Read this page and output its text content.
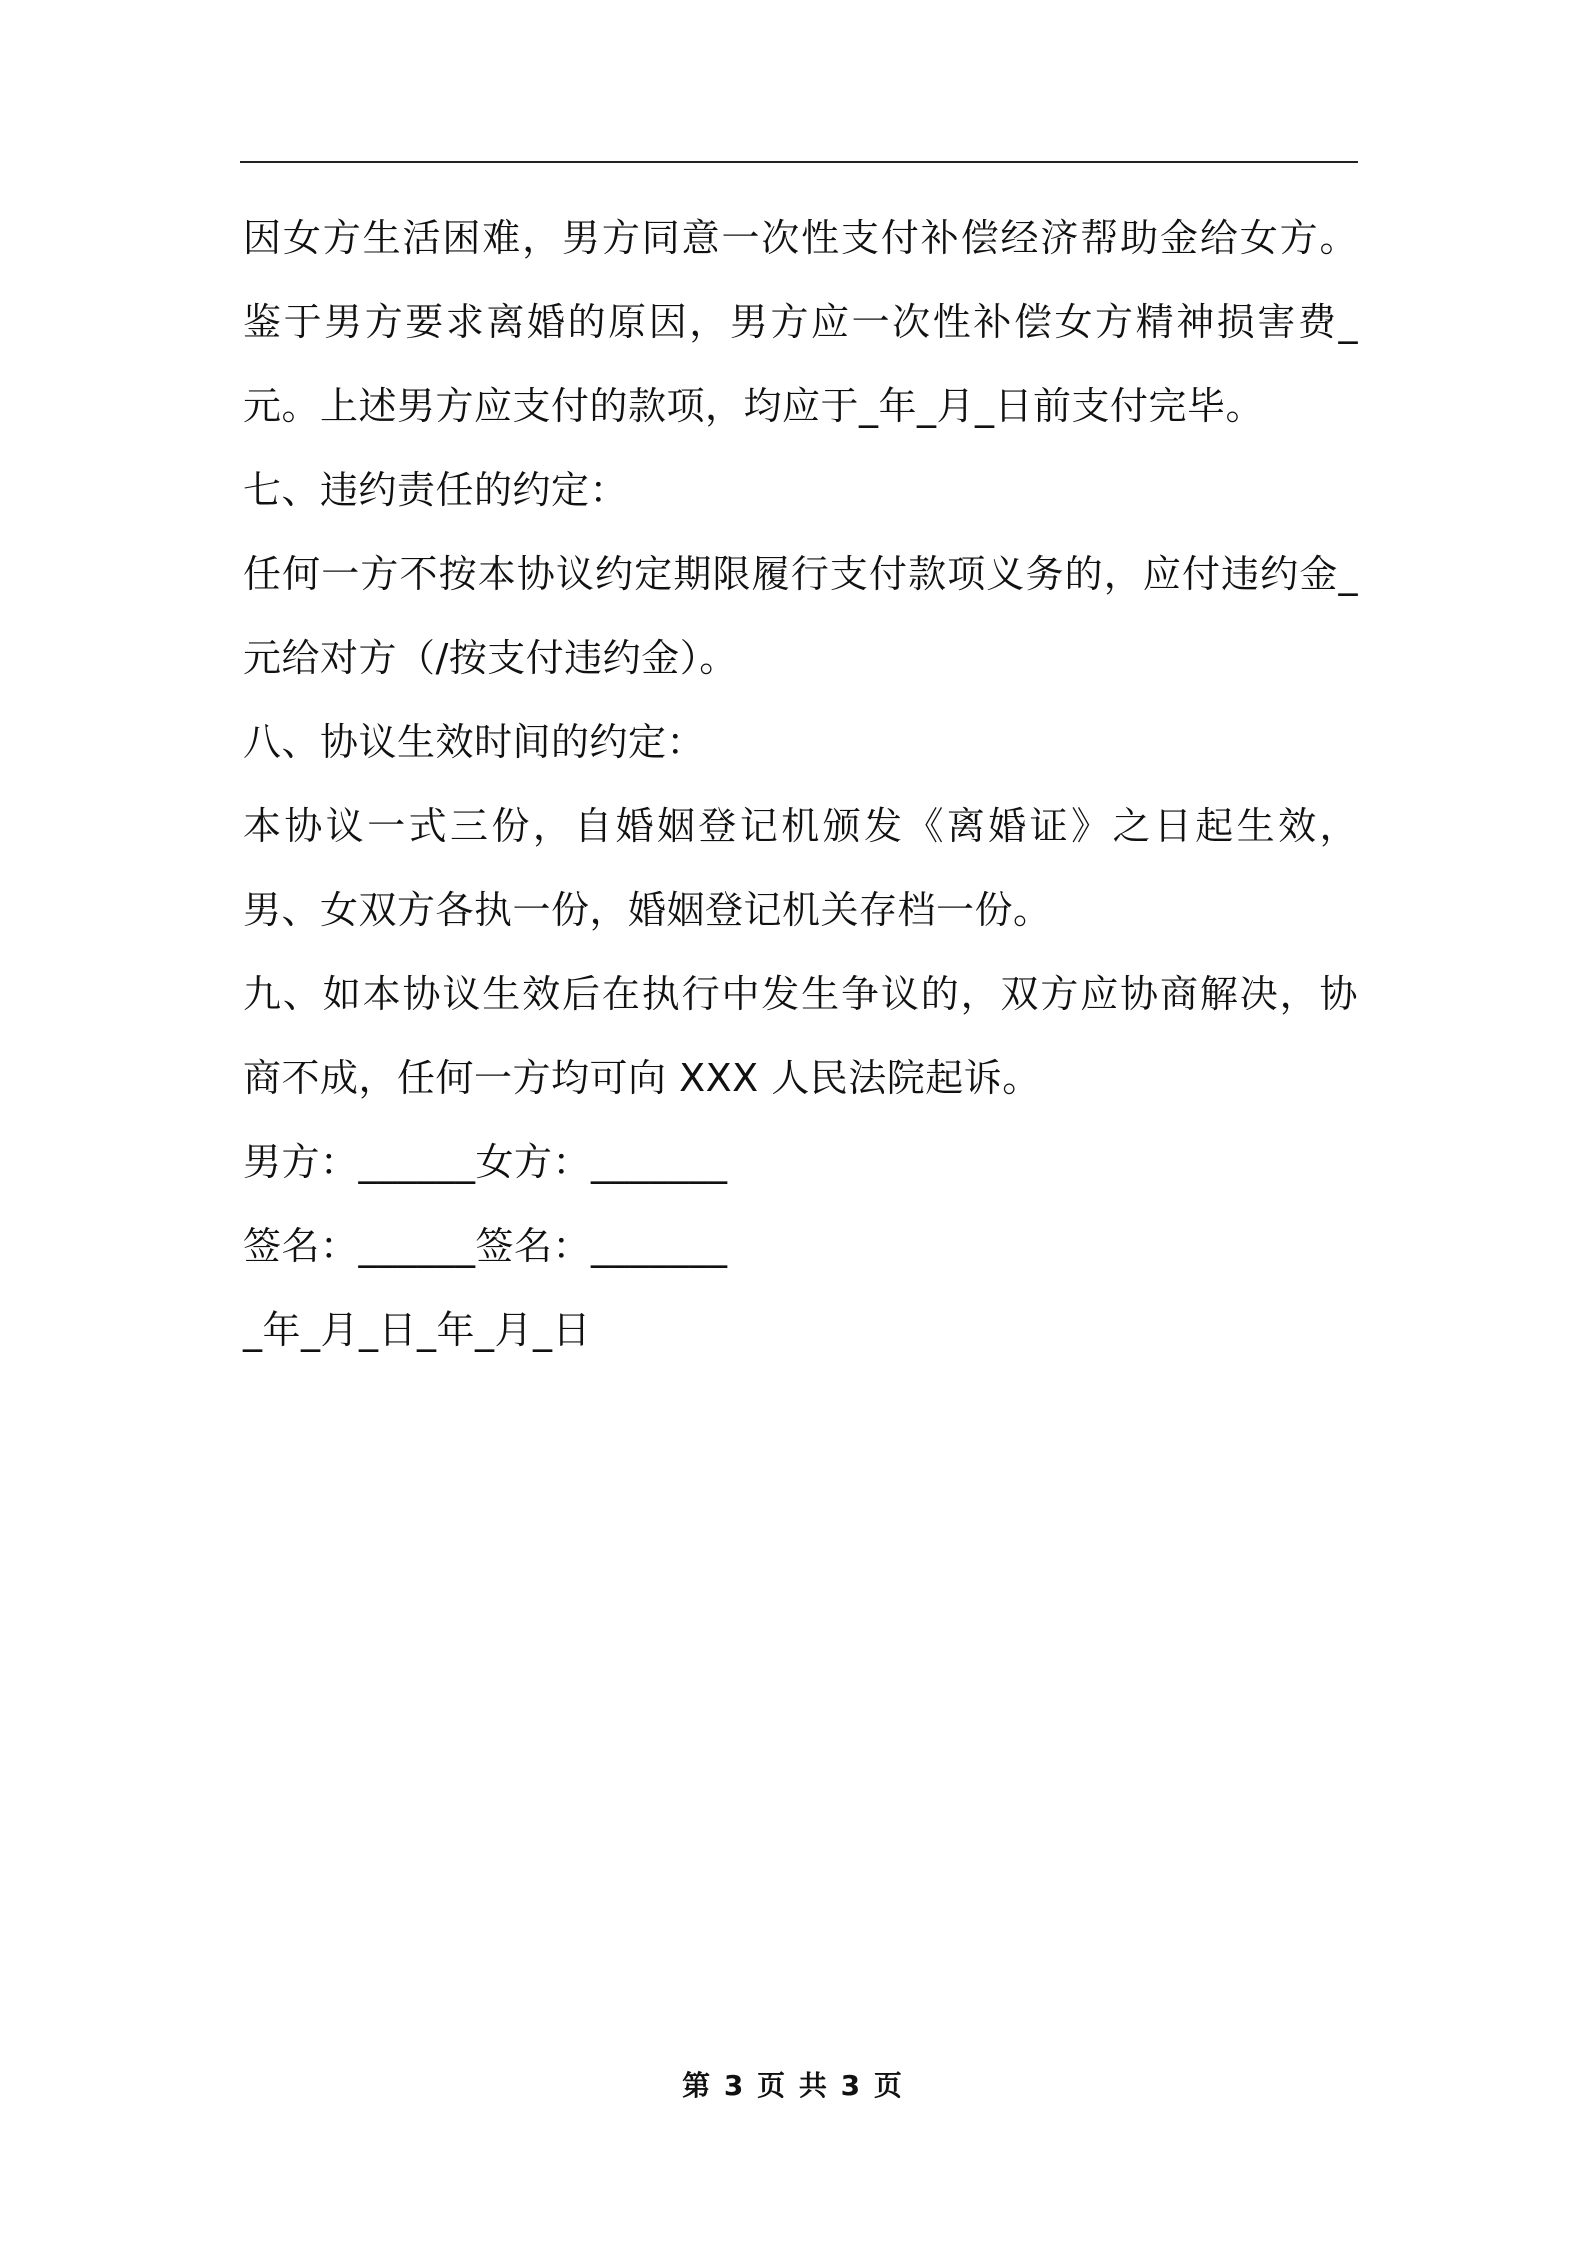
因女方生活困难，男方同意一次性支付补偿经济帮助金给女方。鉴于男方要求离婚的原因，男方应一次性补偿女方精神损害费_元。上述男方应支付的款项，均应于_年_月_日前支付完毕。

七、违约责任的约定：

任何一方不按本协议约定期限履行支付款项义务的，应付违约金_元给对方（/按支付违约金）。

八、协议生效时间的约定：

本协议一式三份，自婚姻登记机颁发《离婚证》之日起生效，男、女双方各执一份，婚姻登记机关存档一份。

九、如本协议生效后在执行中发生争议的，双方应协商解决，协商不成，任何一方均可向 XXX 人民法院起诉。

男方：______女方：_______

签名：______签名：_______

_年_月_日_年_月_日

第 3 页 共 3 页
